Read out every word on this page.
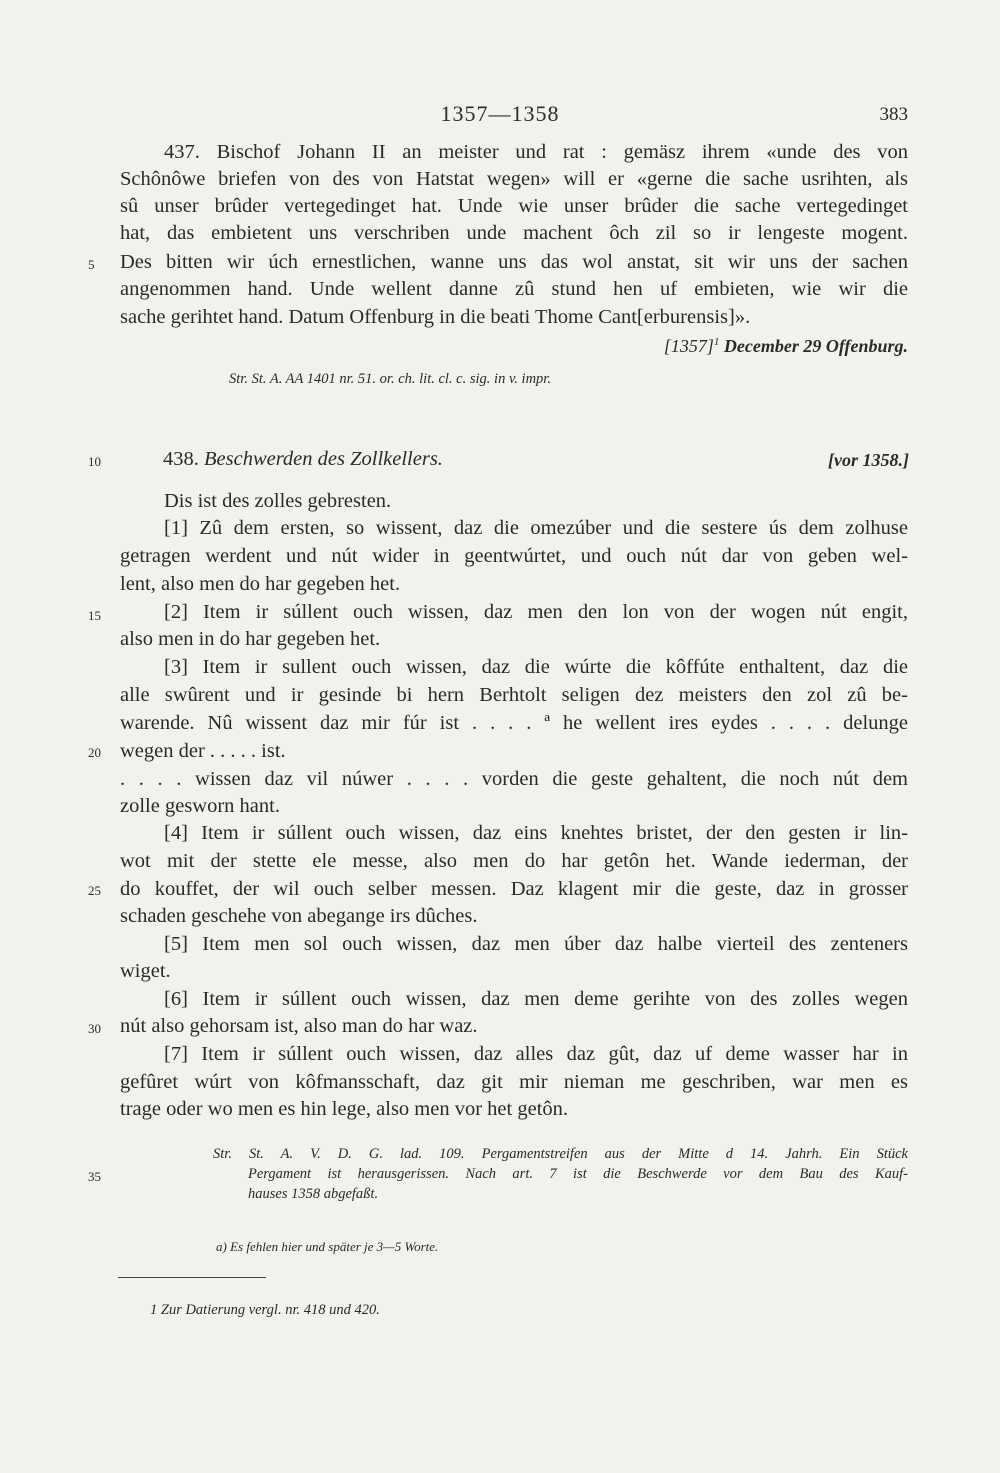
1357—1358	383
437. Bischof Johann II an meister und rat : gemäsz ihrem «unde des von
Schônôwe briefen von des von Hatstat wegen» will er «gerne die sache usrihten, als
sû unser brûder vertegedinget hat. Unde wie unser brûder die sache vertegedinget
hat, das embietent uns verschriben unde machent ôch zil so ir lengeste mogent.
Des bitten wir úch ernestlichen, wanne uns das wol anstat, sit wir uns der sachen
angenommen hand. Unde wellent danne zû stund hen uf embieten, wie wir die
sache gerihtet hand. Datum Offenburg in die beati Thome Cant[erburensis]».
$[1357]^1$ December 29 Offenburg.
Str. St. A. AA 1401 nr. 51. or. ch. lit. cl. c. sig. in v. impr.
438. Beschwerden des Zollkellers.	[vor 1358.]
Dis ist des zolles gebresten.
[1] Zû dem ersten, so wissent, daz die omezúber und die sestere ús dem zolhuse
getragen werdent und nút wider in geentwúrtet, und ouch nút dar von geben wel-
lent, also men do har gegeben het.
[2] Item ir súllent ouch wissen, daz men den lon von der wogen nút engit,
also men in do har gegeben het.
[3] Item ir sullent ouch wissen, daz die wúrte die kôffúte enthaltent, daz die
alle swûrent und ir gesinde bi hern Berhtolt seligen dez meisters den zol zû be-
warende. Nû wissent daz mir fúr ist . . . . ª he wellent ires eydes . . . . delunge
wegen der . . . . . ist.
. . . . wissen daz vil núwer . . . . vorden die geste gehaltent, die noch nút dem
zolle gesworn hant.
[4] Item ir súllent ouch wissen, daz eins knehtes bristet, der den gesten ir lin-
wot mit der stette ele messe, also men do har getôn het. Wande iederman, der
do kouffet, der wil ouch selber messen. Daz klagent mir die geste, daz in grosser
schaden geschehe von abegange irs dûches.
[5] Item men sol ouch wissen, daz men úber daz halbe vierteil des zenteners
wiget.
[6] Item ir súllent ouch wissen, daz men deme gerihte von des zolles wegen
nút also gehorsam ist, also man do har waz.
[7] Item ir súllent ouch wissen, daz alles daz gût, daz uf deme wasser har in
gefûret wúrt von kôfmansschaft, daz git mir nieman me geschriben, war men es
trage oder wo men es hin lege, also men vor het getôn.
Str. St. A. V. D. G. lad. 109. Pergamentstreifen aus der Mitte d 14. Jahrh. Ein Stück
Pergament ist herausgerissen. Nach art. 7 ist die Beschwerde vor dem Bau des Kauf-
hauses 1358 abgefaßt.
a) Es fehlen hier und später je 3—5 Worte.
1 Zur Datierung vergl. nr. 418 und 420.
5
10
15
20
25
30
35
